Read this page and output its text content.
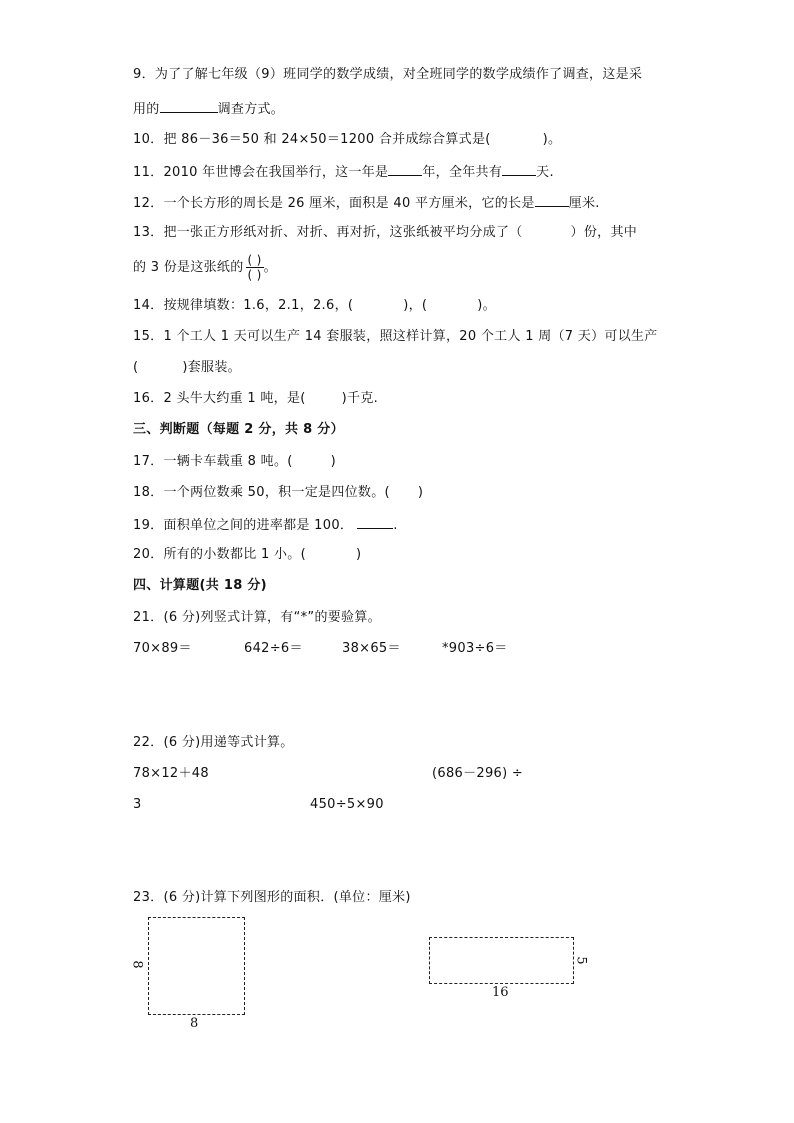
9．为了了解七年级（9）班同学的数学成绩，对全班同学的数学成绩作了调查，这是采
用的	调查方式。
10．把 86－36＝50 和 24×50＝1200 合并成综合算式是(	)。
11．2010 年世博会在我国举行，这一年是	年，全年共有	天.
12．一个长方形的周长是 26 厘米，面积是 40 平方厘米，它的长是	厘米.
13．把一张正方形纸对折、对折、再对折，这张纸被平均分成了（	）份，其中
的 3 份是这张纸的 $\frac{( )}{( )}$ 。
14．按规律填数：1.6，2.1，2.6，(	)，(	)。
15．1 个工人 1 天可以生产 14 套服装，照这样计算，20 个工人 1 周（7 天）可以生产
(	)套服装。
16．2 头牛大约重 1 吨，是(	)千克.
三、判断题（每题 2 分，共 8 分）
17．一辆卡车载重 8 吨。(	)
18．一个两位数乘 50，积一定是四位数。( )
19．面积单位之间的进率都是 100．	.
20．所有的小数都比 1 小。(	)
四、计算题(共 18 分)
21．(6 分)列竖式计算，有“*”的要验算。
70×89＝	642÷6＝	38×65＝	*903÷6＝
22．(6 分)用递等式计算。
78×12＋48	(686－296) ÷
3	450÷5×90
23．(6 分)计算下列图形的面积．(单位：厘米)
8
8
5
16
